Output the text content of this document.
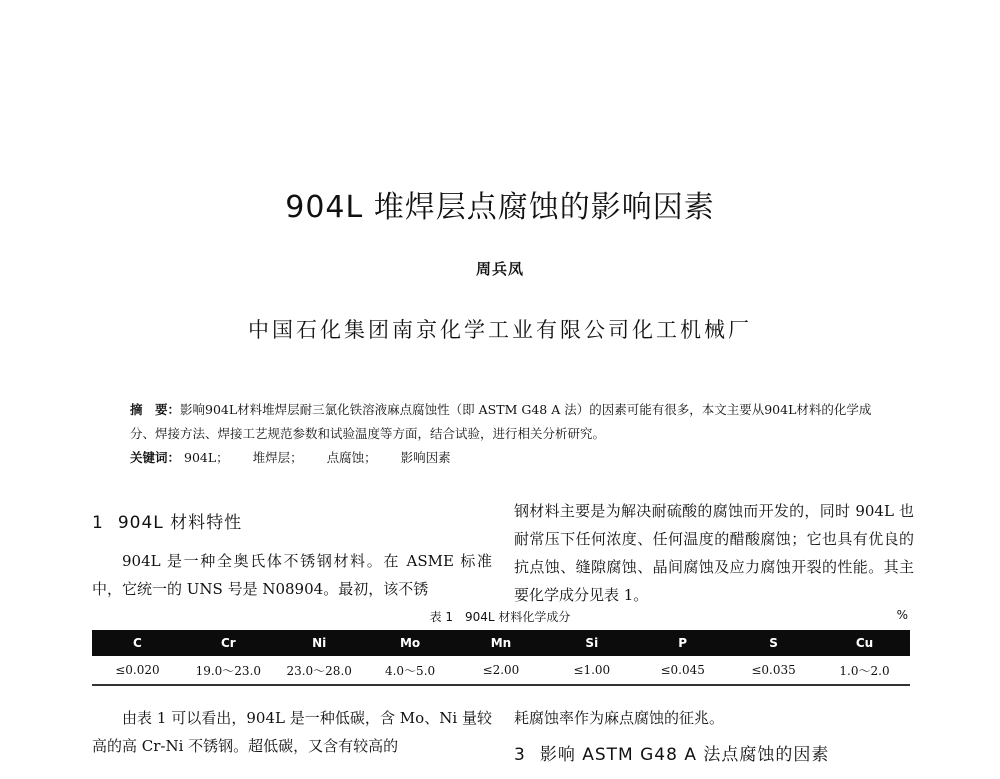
904L 堆焊层点腐蚀的影响因素
周兵凤
中国石化集团南京化学工业有限公司化工机械厂
摘　要：影响904L材料堆焊层耐三氯化铁溶液麻点腐蚀性（即 ASTM G48 A 法）的因素可能有很多，本文主要从904L材料的化学成分、焊接方法、焊接工艺规范参数和试验温度等方面，结合试验，进行相关分析研究。
关键词： 904L； 堆焊层； 点腐蚀； 影响因素
1 904L 材料特性

904L 是一种全奥氏体不锈钢材料。在 ASME 标准中，它统一的 UNS 号是 N08904。最初，该不锈

钢材料主要是为解决耐硫酸的腐蚀而开发的，同时 904L 也耐常压下任何浓度、任何温度的醋酸腐蚀；它也具有优良的抗点蚀、缝隙腐蚀、晶间腐蚀及应力腐蚀开裂的性能。其主要化学成分见表 1。

表 1　904L 材料化学成分	%
C	Cr	Ni	Mo	Mn	Si	P	S	Cu
≤0.020	19.0～23.0	23.0～28.0	4.0～5.0	≤2.00	≤1.00	≤0.045	≤0.035	1.0～2.0

由表 1 可以看出，904L 是一种低碳，含 Mo、Ni 量较高的高 Cr-Ni 不锈钢。超低碳，又含有较高的

耗腐蚀率作为麻点腐蚀的征兆。

3 影响 ASTM G48 A 法点腐蚀的因素
